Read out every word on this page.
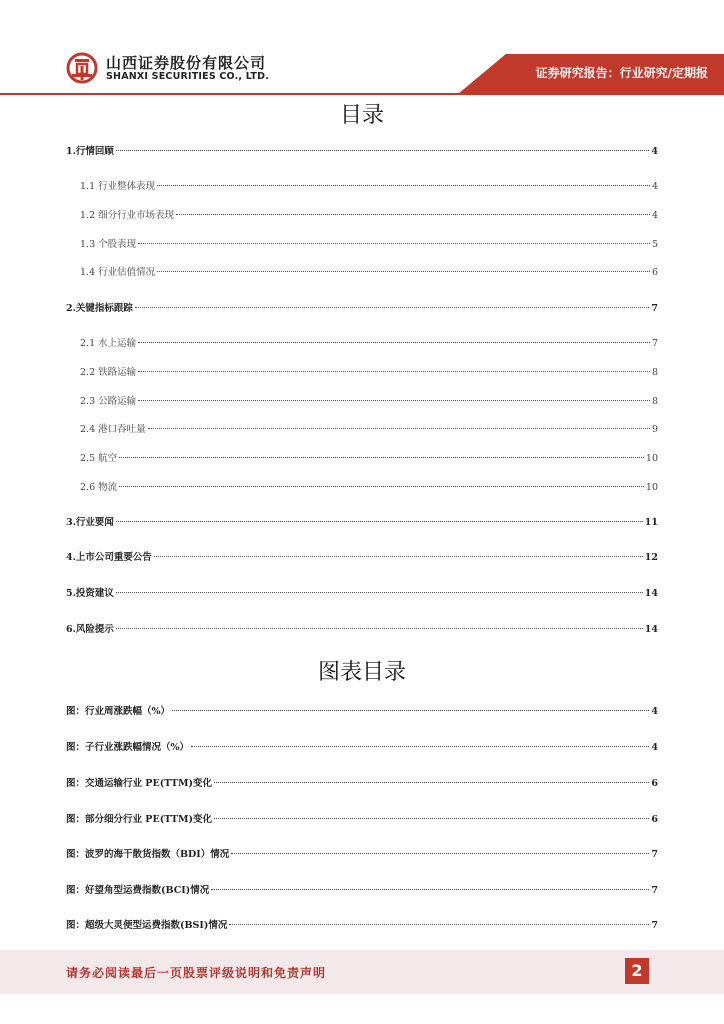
山西证券股份有限公司
SHANXI SECURITIES CO., LTD.	证券研究报告：行业研究/定期报
目录
1.行情回顾	4
1.1 行业整体表现	4
1.2 细分行业市场表现	4
1.3 个股表现	5
1.4 行业估值情况	6
2.关键指标跟踪	7
2.1 水上运输	7
2.2 铁路运输	8
2.3 公路运输	8
2.4 港口吞吐量	9
2.5 航空	10
2.6 物流	10
3.行业要闻	11
4.上市公司重要公告	12
5.投资建议	14
6.风险提示	14
图表目录
图：行业周涨跌幅（%）	4
图：子行业涨跌幅情况（%）	4
图：交通运输行业 PE(TTM)变化	6
图：部分细分行业 PE(TTM)变化	6
图：波罗的海干散货指数（BDI）情况	7
图：好望角型运费指数(BCI)情况	7
图：超级大灵便型运费指数(BSI)情况	7
请务必阅读最后一页股票评级说明和免责声明	2
